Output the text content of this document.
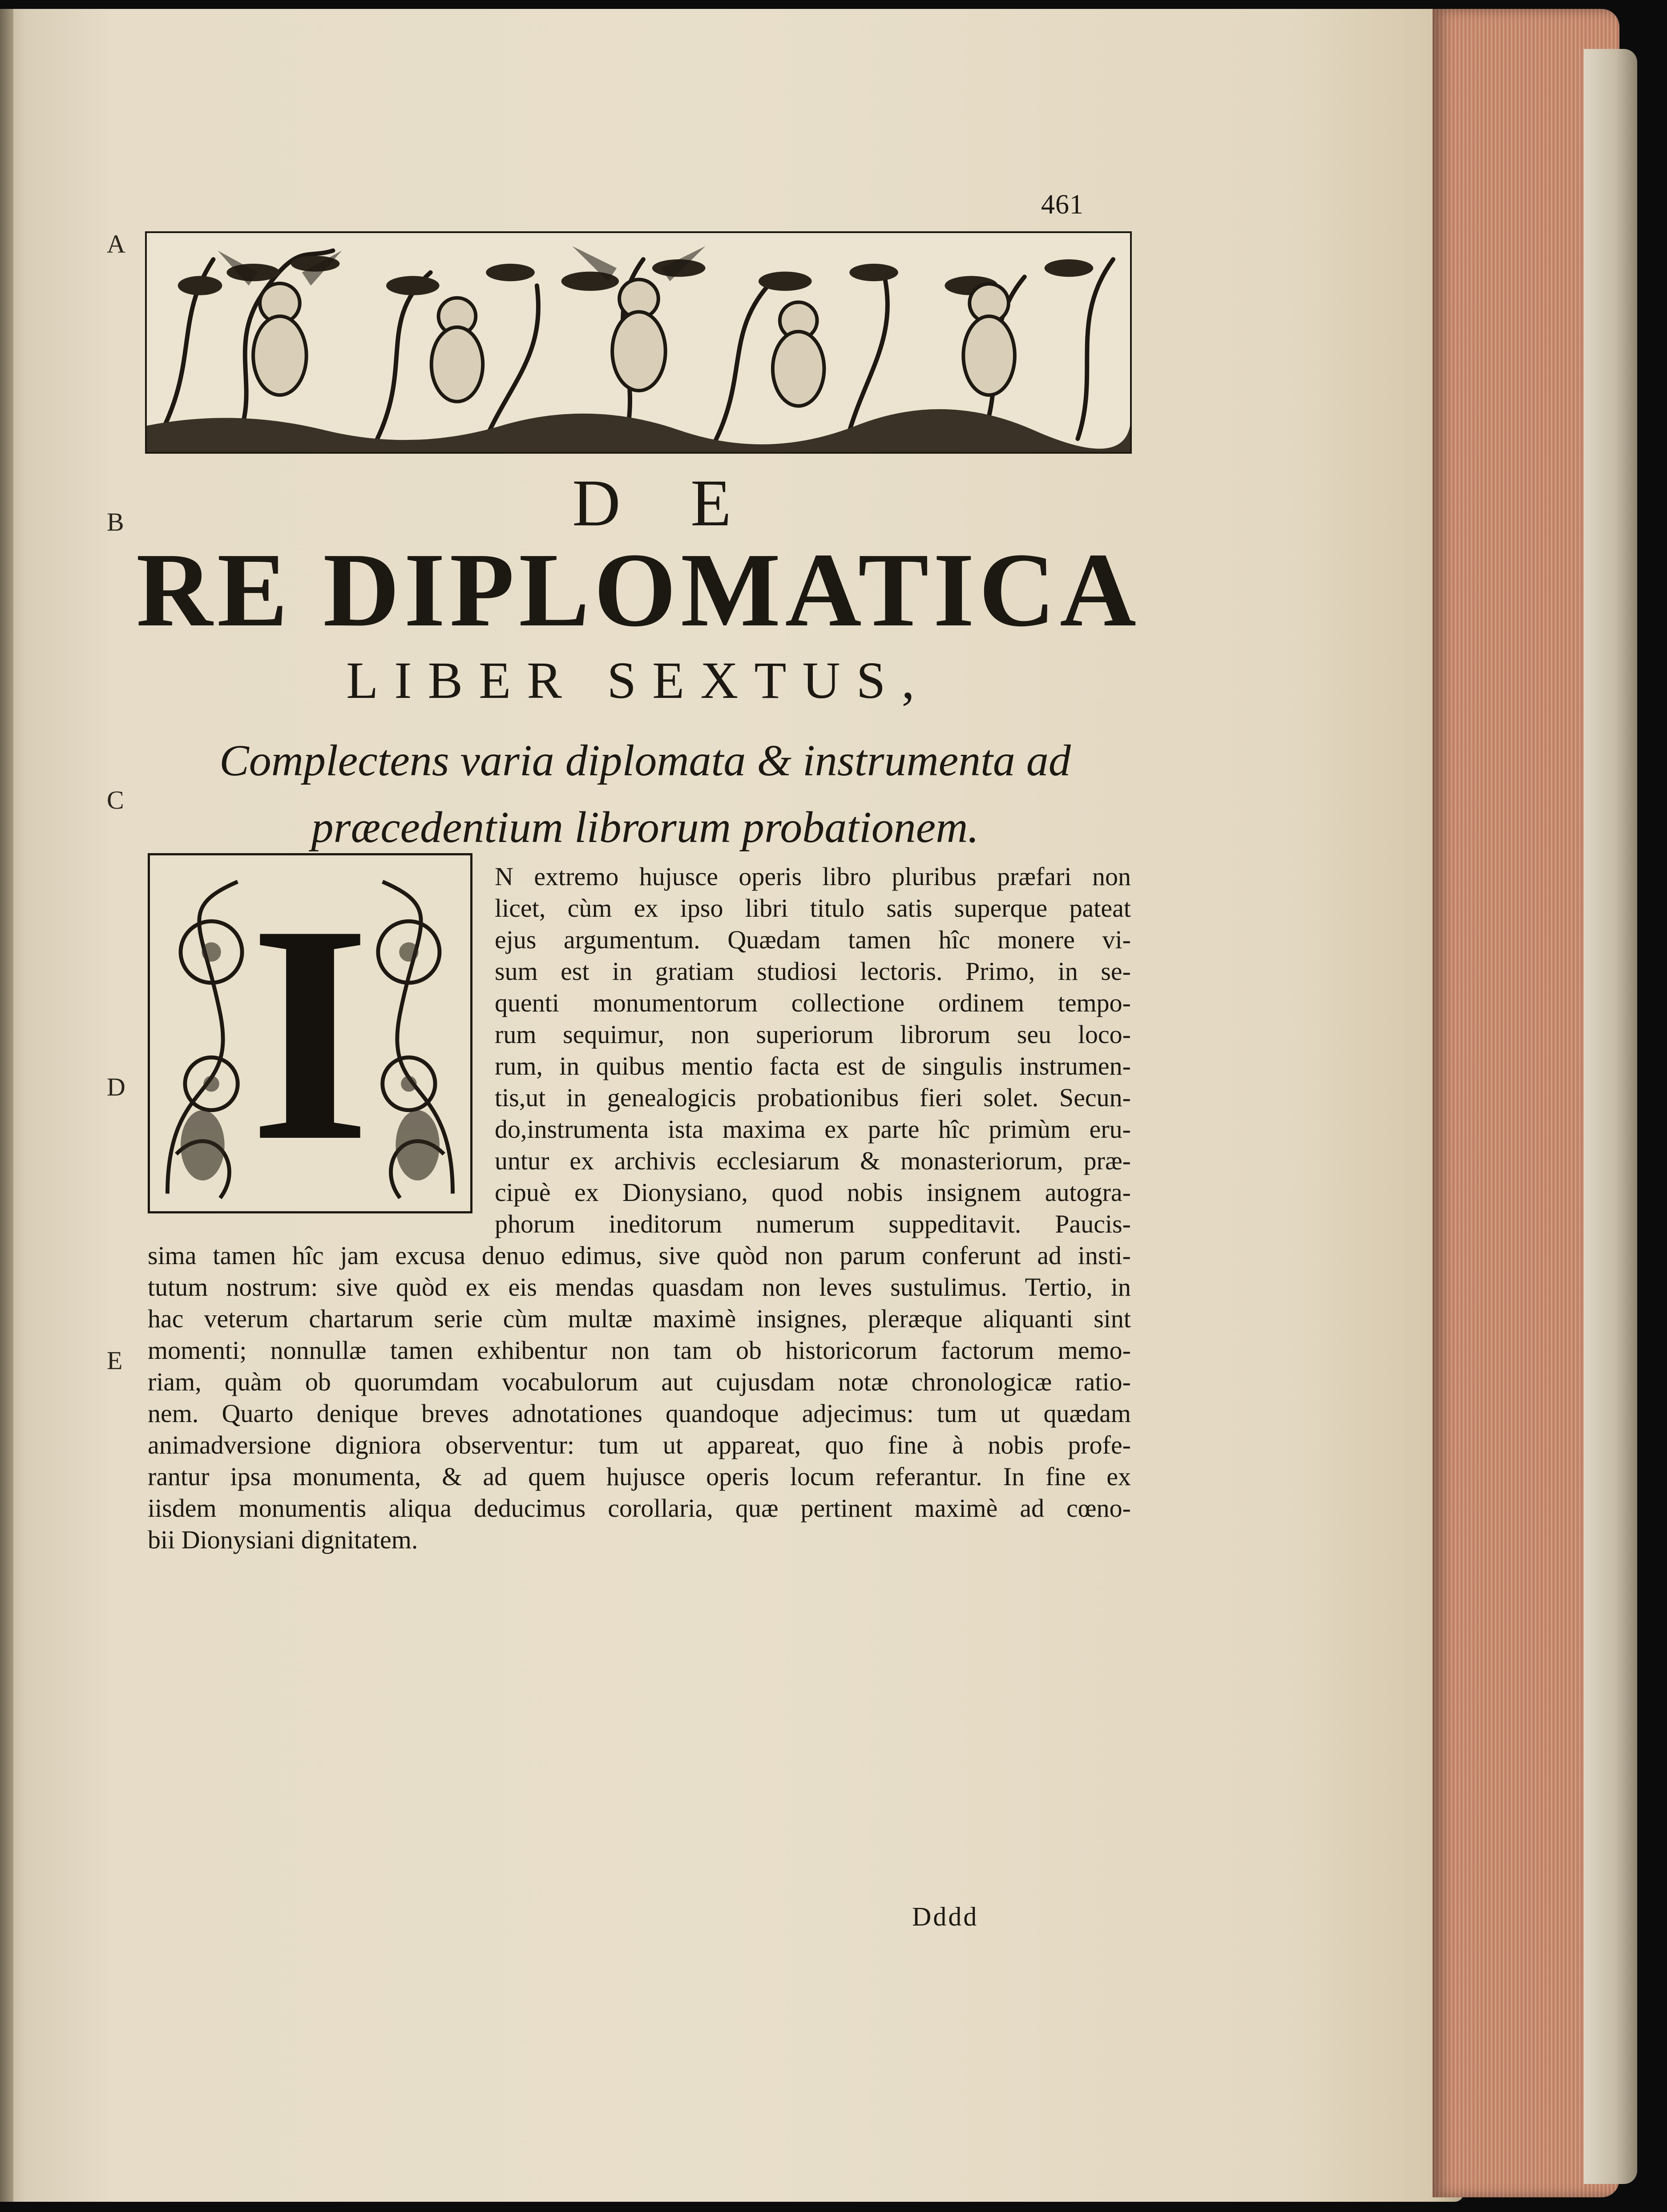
461
A
B
C
D
E
D E
RE DIPLOMATICA
LIBER SEXTUS,
Complectens varia diplomata & instrumenta ad
præcedentium librorum probationem.
I	N extremo hujusce operis libro pluribus præfari non
licet, cùm ex ipso libri titulo satis superque pateat
ejus argumentum. Quædam tamen hîc monere vi-
sum est in gratiam studiosi lectoris. Primo, in se-
quenti monumentorum collectione ordinem tempo-
rum sequimur, non superiorum librorum seu loco-
rum, in quibus mentio facta est de singulis instrumen-
tis,ut in genealogicis probationibus fieri solet. Secun-
do,instrumenta ista maxima ex parte hîc primùm eru-
untur ex archivis ecclesiarum & monasteriorum, præ-
cipuè ex Dionysiano, quod nobis insignem autogra-
phorum ineditorum numerum suppeditavit. Paucis-
sima tamen hîc jam excusa denuo edimus, sive quòd non parum conferunt ad insti-
tutum nostrum: sive quòd ex eis mendas quasdam non leves sustulimus. Tertio, in
hac veterum chartarum serie cùm multæ maximè insignes, pleræque aliquanti sint
momenti; nonnullæ tamen exhibentur non tam ob historicorum factorum memo-
riam, quàm ob quorumdam vocabulorum aut cujusdam notæ chronologicæ ratio-
nem. Quarto denique breves adnotationes quandoque adjecimus: tum ut quædam
animadversione digniora observentur: tum ut appareat, quo fine à nobis profe-
rantur ipsa monumenta, & ad quem hujusce operis locum referantur. In fine ex
iisdem monumentis aliqua deducimus corollaria, quæ pertinent maximè ad cœno-
bii Dionysiani dignitatem.
Dddd
